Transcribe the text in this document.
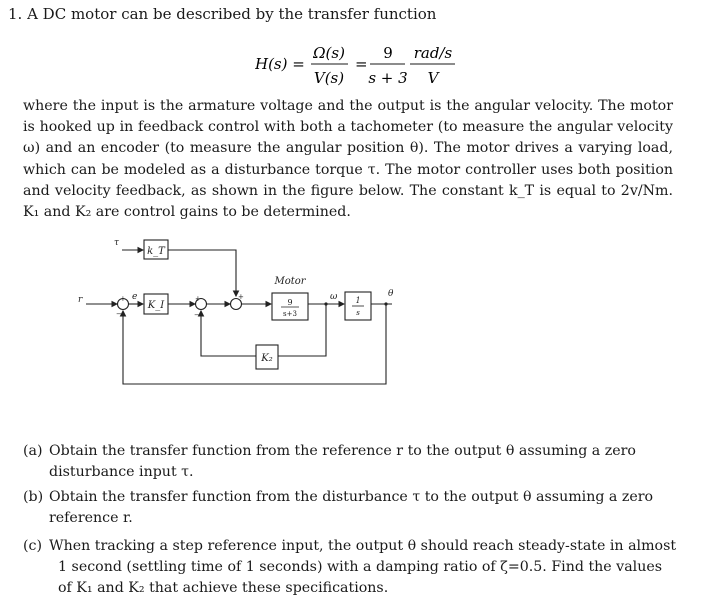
1. A DC motor can be described by the transfer function
H(s) =
Ω(s)
V(s)
=
9
s + 3
rad/s
V
where the input is the armature voltage and the output is the angular velocity. The motor
is hooked up in feedback control with both a tachometer (to measure the angular velocity
ω) and an encoder (to measure the angular position θ). The motor drives a varying load,
which can be modeled as a disturbance torque τ. The motor controller uses both position
and velocity feedback, as shown in the figure below. The constant k_T is equal to 2v/Nm.
K₁ and K₂ are control gains to be determined.
τ
k_T
r	e
K_I
+
−
+
−
+
Motor
9
s+3
ω 1
s
θ
K₂
(a) Obtain the transfer function from the reference r to the output θ assuming a zero
disturbance input τ.
(b) Obtain the transfer function from the disturbance τ to the output θ assuming a zero
reference r.
(c) When tracking a step reference input, the output θ should reach steady-state in almost
1 second (settling time of 1 seconds) with a damping ratio of ζ=0.5. Find the values
of K₁ and K₂ that achieve these specifications.
